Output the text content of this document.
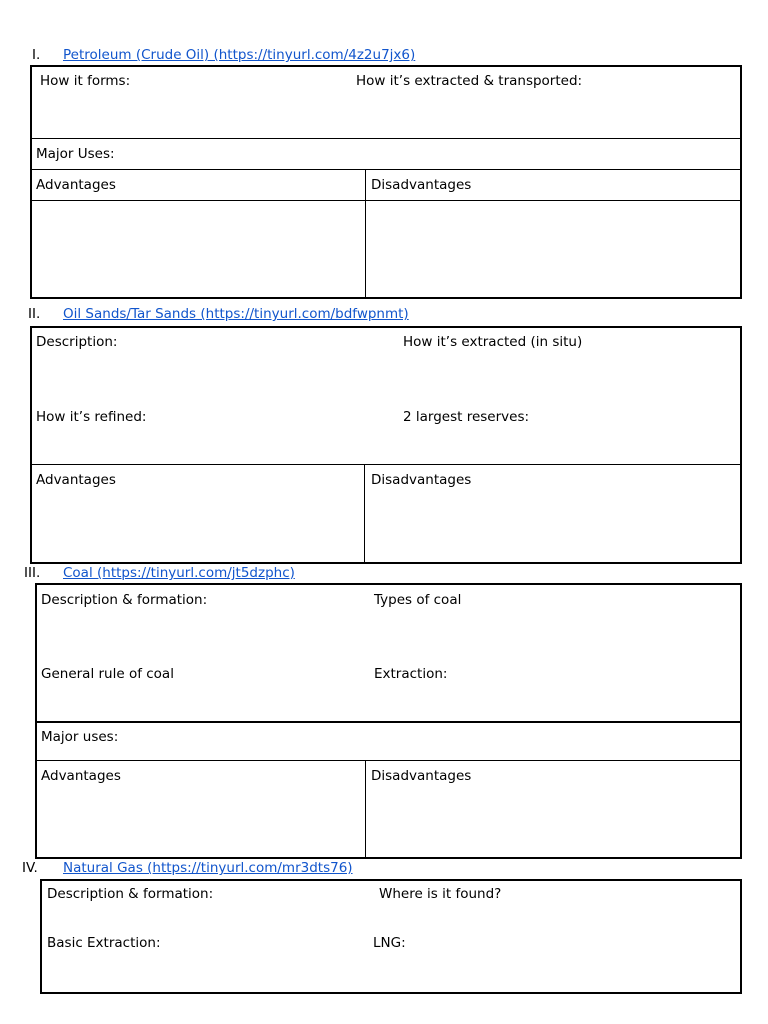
I. Petroleum (Crude Oil) (https://tinyurl.com/4z2u7jx6)
How it forms:	How it’s extracted & transported:
Major Uses:
Advantages	Disadvantages
II. Oil Sands/Tar Sands (https://tinyurl.com/bdfwpnmt)
Description:	How it’s extracted (in situ)
How it’s refined:	2 largest reserves:
Advantages	Disadvantages
III. Coal (https://tinyurl.com/jt5dzphc)
Description & formation:	Types of coal
General rule of coal	Extraction:
Major uses:
Advantages	Disadvantages
IV. Natural Gas (https://tinyurl.com/mr3dts76)
Description & formation:	Where is it found?
Basic Extraction:	LNG:
